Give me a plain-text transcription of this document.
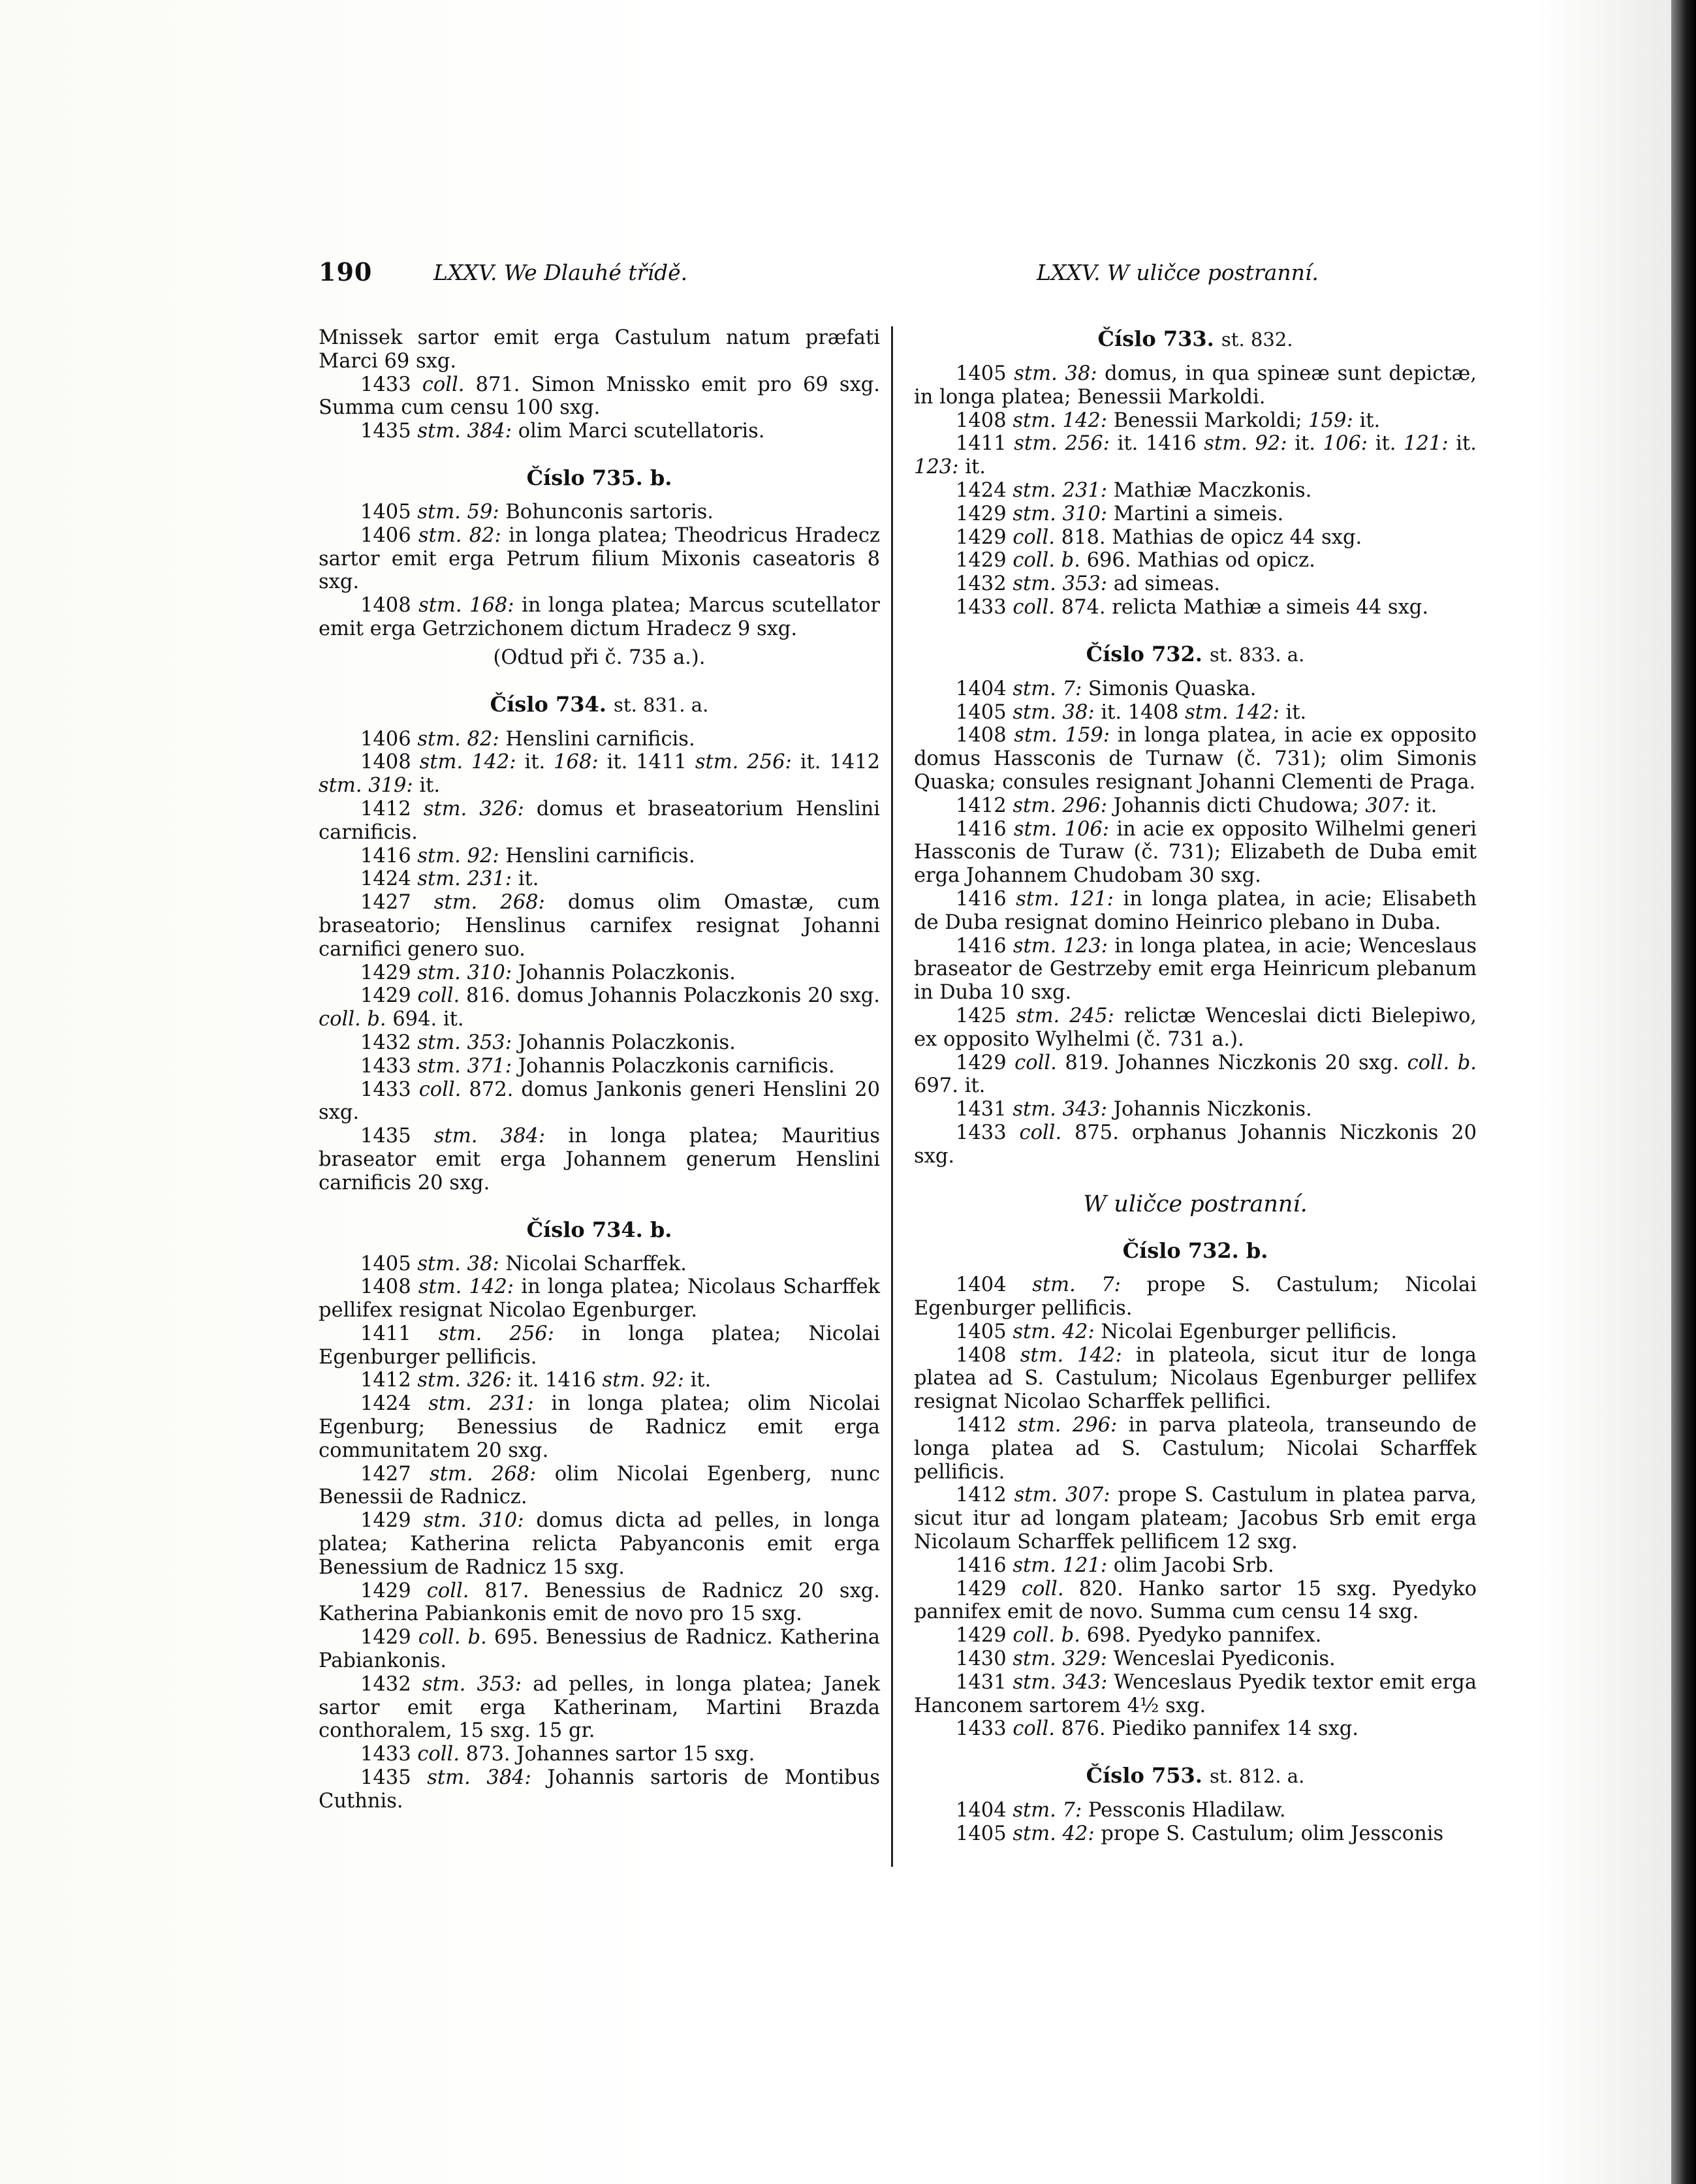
190	LXXV. We Dlauhé třídě.	LXXV. W uličce postranní.

Mnissek sartor emit erga Castulum natum præfati Marci 69 sxg.

1433 coll. 871. Simon Mnissko emit pro 69 sxg. Summa cum censu 100 sxg.

1435 stm. 384: olim Marci scutellatoris.

Číslo 735. b.

1405 stm. 59: Bohunconis sartoris.

1406 stm. 82: in longa platea; Theodricus Hradecz sartor emit erga Petrum filium Mixonis caseatoris 8 sxg.

1408 stm. 168: in longa platea; Marcus scutellator emit erga Getrzichonem dictum Hradecz 9 sxg.

(Odtud při č. 735 a.).

Číslo 734. st. 831. a.

1406 stm. 82: Henslini carnificis.

1408 stm. 142: it. 168: it. 1411 stm. 256: it. 1412 stm. 319: it.

1412 stm. 326: domus et braseatorium Henslini carnificis.

1416 stm. 92: Henslini carnificis.

1424 stm. 231: it.

1427 stm. 268: domus olim Omastæ, cum braseatorio; Henslinus carnifex resignat Johanni carnifici genero suo.

1429 stm. 310: Johannis Polaczkonis.

1429 coll. 816. domus Johannis Polaczkonis 20 sxg. coll. b. 694. it.

1432 stm. 353: Johannis Polaczkonis.

1433 stm. 371: Johannis Polaczkonis carnificis.

1433 coll. 872. domus Jankonis generi Henslini 20 sxg.

1435 stm. 384: in longa platea; Mauritius braseator emit erga Johannem generum Henslini carnificis 20 sxg.

Číslo 734. b.

1405 stm. 38: Nicolai Scharffek.

1408 stm. 142: in longa platea; Nicolaus Scharffek pellifex resignat Nicolao Egenburger.

1411 stm. 256: in longa platea; Nicolai Egenburger pellificis.

1412 stm. 326: it. 1416 stm. 92: it.

1424 stm. 231: in longa platea; olim Nicolai Egenburg; Benessius de Radnicz emit erga communitatem 20 sxg.

1427 stm. 268: olim Nicolai Egenberg, nunc Benessii de Radnicz.

1429 stm. 310: domus dicta ad pelles, in longa platea; Katherina relicta Pabyanconis emit erga Benessium de Radnicz 15 sxg.

1429 coll. 817. Benessius de Radnicz 20 sxg. Katherina Pabiankonis emit de novo pro 15 sxg.

1429 coll. b. 695. Benessius de Radnicz. Katherina Pabiankonis.

1432 stm. 353: ad pelles, in longa platea; Janek sartor emit erga Katherinam, Martini Brazda conthoralem, 15 sxg. 15 gr.

1433 coll. 873. Johannes sartor 15 sxg.

1435 stm. 384: Johannis sartoris de Montibus Cuthnis.

Číslo 733. st. 832.

1405 stm. 38: domus, in qua spineæ sunt depictæ, in longa platea; Benessii Markoldi.

1408 stm. 142: Benessii Markoldi; 159: it.

1411 stm. 256: it. 1416 stm. 92: it. 106: it. 121: it. 123: it.

1424 stm. 231: Mathiæ Maczkonis.

1429 stm. 310: Martini a simeis.

1429 coll. 818. Mathias de opicz 44 sxg.

1429 coll. b. 696. Mathias od opicz.

1432 stm. 353: ad simeas.

1433 coll. 874. relicta Mathiæ a simeis 44 sxg.

Číslo 732. st. 833. a.

1404 stm. 7: Simonis Quaska.

1405 stm. 38: it. 1408 stm. 142: it.

1408 stm. 159: in longa platea, in acie ex opposito domus Hassconis de Turnaw (č. 731); olim Simonis Quaska; consules resignant Johanni Clementi de Praga.

1412 stm. 296: Johannis dicti Chudowa; 307: it.

1416 stm. 106: in acie ex opposito Wilhelmi generi Hassconis de Turaw (č. 731); Elizabeth de Duba emit erga Johannem Chudobam 30 sxg.

1416 stm. 121: in longa platea, in acie; Elisabeth de Duba resignat domino Heinrico plebano in Duba.

1416 stm. 123: in longa platea, in acie; Wenceslaus braseator de Gestrzeby emit erga Heinricum plebanum in Duba 10 sxg.

1425 stm. 245: relictæ Wenceslai dicti Bielepiwo, ex opposito Wylhelmi (č. 731 a.).

1429 coll. 819. Johannes Niczkonis 20 sxg. coll. b. 697. it.

1431 stm. 343: Johannis Niczkonis.

1433 coll. 875. orphanus Johannis Niczkonis 20 sxg.

W uličce postranní.
Číslo 732. b.

1404 stm. 7: prope S. Castulum; Nicolai Egenburger pellificis.

1405 stm. 42: Nicolai Egenburger pellificis.

1408 stm. 142: in plateola, sicut itur de longa platea ad S. Castulum; Nicolaus Egenburger pellifex resignat Nicolao Scharffek pellifici.

1412 stm. 296: in parva plateola, transeundo de longa platea ad S. Castulum; Nicolai Scharffek pellificis.

1412 stm. 307: prope S. Castulum in platea parva, sicut itur ad longam plateam; Jacobus Srb emit erga Nicolaum Scharffek pellificem 12 sxg.

1416 stm. 121: olim Jacobi Srb.

1429 coll. 820. Hanko sartor 15 sxg. Pyedyko pannifex emit de novo. Summa cum censu 14 sxg.

1429 coll. b. 698. Pyedyko pannifex.

1430 stm. 329: Wenceslai Pyediconis.

1431 stm. 343: Wenceslaus Pyedik textor emit erga Hanconem sartorem 4½ sxg.

1433 coll. 876. Piediko pannifex 14 sxg.

Číslo 753. st. 812. a.

1404 stm. 7: Pessconis Hladilaw.

1405 stm. 42: prope S. Castulum; olim Jessconis
